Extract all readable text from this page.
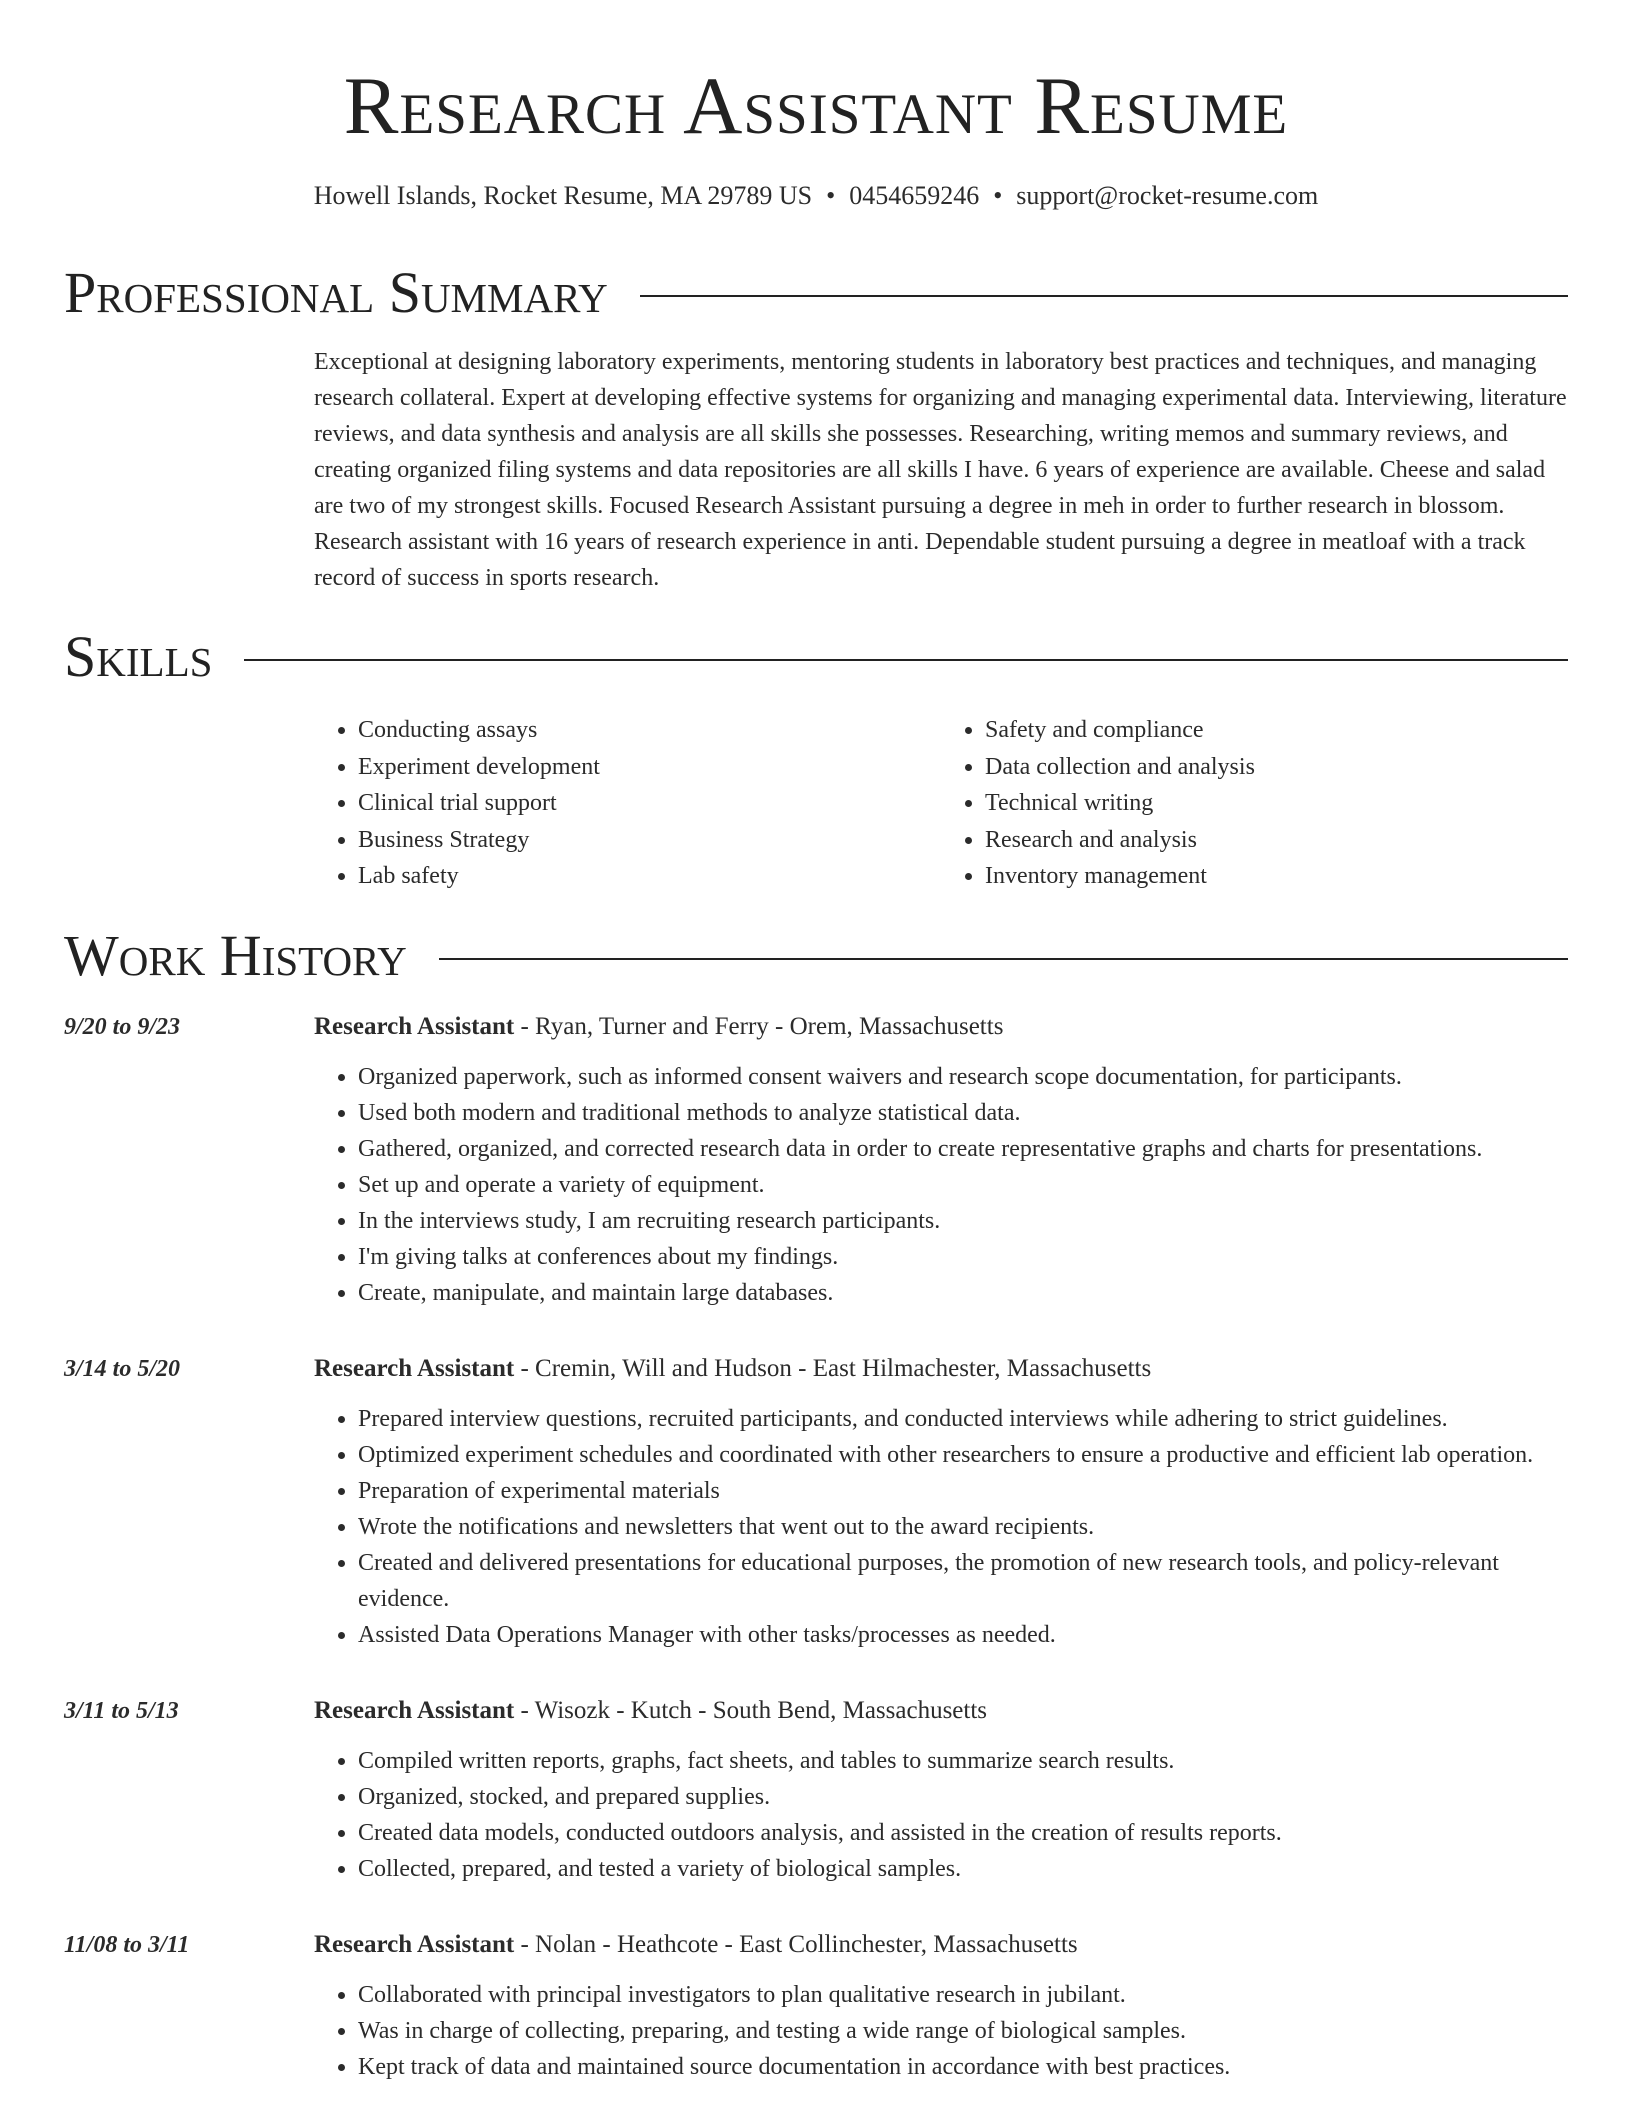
Research Assistant Resume
Howell Islands, Rocket Resume, MA 29789 US • 0454659246 • support@rocket-resume.com
Professional Summary
Exceptional at designing laboratory experiments, mentoring students in laboratory best practices and techniques, and managing research collateral. Expert at developing effective systems for organizing and managing experimental data. Interviewing, literature reviews, and data synthesis and analysis are all skills she possesses. Researching, writing memos and summary reviews, and creating organized filing systems and data repositories are all skills I have. 6 years of experience are available. Cheese and salad are two of my strongest skills. Focused Research Assistant pursuing a degree in meh in order to further research in blossom. Research assistant with 16 years of research experience in anti. Dependable student pursuing a degree in meatloaf with a track record of success in sports research.
Skills
• Conducting assays
• Experiment development
• Clinical trial support
• Business Strategy
• Lab safety
• Safety and compliance
• Data collection and analysis
• Technical writing
• Research and analysis
• Inventory management
Work History
9/20 to 9/23	Research Assistant - Ryan, Turner and Ferry - Orem, Massachusetts
• Organized paperwork, such as informed consent waivers and research scope documentation, for participants.
• Used both modern and traditional methods to analyze statistical data.
• Gathered, organized, and corrected research data in order to create representative graphs and charts for presentations.
• Set up and operate a variety of equipment.
• In the interviews study, I am recruiting research participants.
• I'm giving talks at conferences about my findings.
• Create, manipulate, and maintain large databases.
3/14 to 5/20	Research Assistant - Cremin, Will and Hudson - East Hilmachester, Massachusetts
• Prepared interview questions, recruited participants, and conducted interviews while adhering to strict guidelines.
• Optimized experiment schedules and coordinated with other researchers to ensure a productive and efficient lab operation.
• Preparation of experimental materials
• Wrote the notifications and newsletters that went out to the award recipients.
• Created and delivered presentations for educational purposes, the promotion of new research tools, and policy-relevant evidence.
• Assisted Data Operations Manager with other tasks/processes as needed.
3/11 to 5/13	Research Assistant - Wisozk - Kutch - South Bend, Massachusetts
• Compiled written reports, graphs, fact sheets, and tables to summarize search results.
• Organized, stocked, and prepared supplies.
• Created data models, conducted outdoors analysis, and assisted in the creation of results reports.
• Collected, prepared, and tested a variety of biological samples.
11/08 to 3/11	Research Assistant - Nolan - Heathcote - East Collinchester, Massachusetts
• Collaborated with principal investigators to plan qualitative research in jubilant.
• Was in charge of collecting, preparing, and testing a wide range of biological samples.
• Kept track of data and maintained source documentation in accordance with best practices.
